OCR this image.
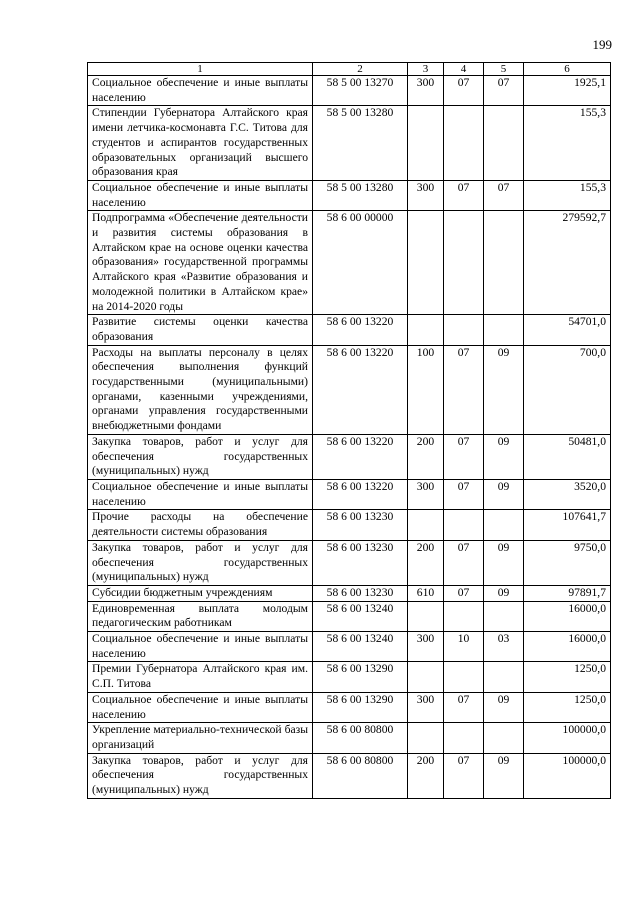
199
1	2	3	4	5	6
Социальное обеспечение и иные выплаты населению	58 5 00 13270	300	07	07	1925,1
Стипендии Губернатора Алтайского края имени летчика-космонавта Г.С. Титова для студентов и аспирантов государственных образовательных организаций высшего образования края	58 5 00 13280				155,3
Социальное обеспечение и иные выплаты населению	58 5 00 13280	300	07	07	155,3
Подпрограмма «Обеспечение деятельности и развития системы образования в Алтайском крае на основе оценки качества образования» государственной программы Алтайского края «Развитие образования и молодежной политики в Алтайском крае» на 2014-2020 годы	58 6 00 00000				279592,7
Развитие системы оценки качества образования	58 6 00 13220				54701,0
Расходы на выплаты персоналу в целях обеспечения выполнения функций государственными (муниципальными) органами, казенными учреждениями, органами управления государственными внебюджетными фондами	58 6 00 13220	100	07	09	700,0
Закупка товаров, работ и услуг для обеспечения государственных (муниципальных) нужд	58 6 00 13220	200	07	09	50481,0
Социальное обеспечение и иные выплаты населению	58 6 00 13220	300	07	09	3520,0
Прочие расходы на обеспечение деятельности системы образования	58 6 00 13230				107641,7
Закупка товаров, работ и услуг для обеспечения государственных (муниципальных) нужд	58 6 00 13230	200	07	09	9750,0
Субсидии бюджетным учреждениям	58 6 00 13230	610	07	09	97891,7
Единовременная выплата молодым педагогическим работникам	58 6 00 13240				16000,0
Социальное обеспечение и иные выплаты населению	58 6 00 13240	300	10	03	16000,0
Премии Губернатора Алтайского края им. С.П. Титова	58 6 00 13290				1250,0
Социальное обеспечение и иные выплаты населению	58 6 00 13290	300	07	09	1250,0
Укрепление материально-технической базы организаций	58 6 00 80800				100000,0
Закупка товаров, работ и услуг для обеспечения государственных (муниципальных) нужд	58 6 00 80800	200	07	09	100000,0
